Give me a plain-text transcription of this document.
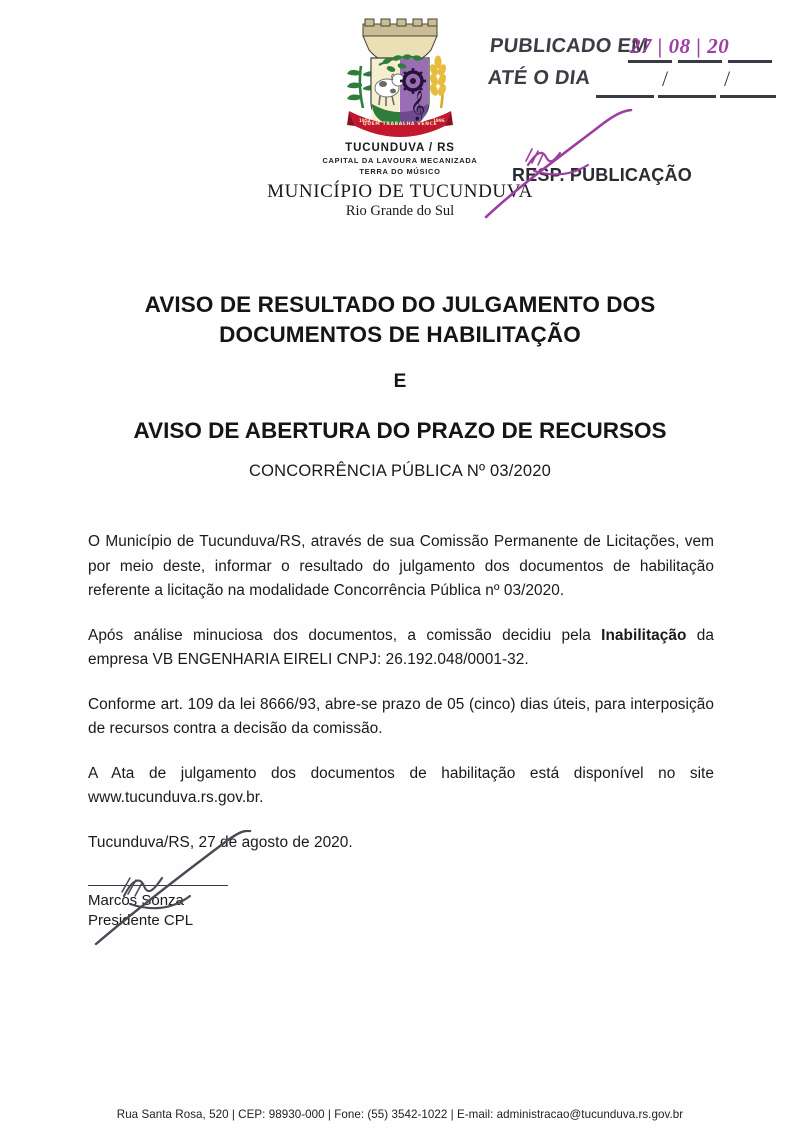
𝄞
QUEM TRABALHA VENCE
1954	1996
TUCUNDUVA / RS
CAPITAL DA LAVOURA MECANIZADA
TERRA DO MÚSICO
MUNICÍPIO DE TUCUNDUVA
Rio Grande do Sul
PUBLICADO EM
ATÉ O DIA
27 | 08 | 20
/	/
RESP. PUBLICAÇÃO
AVISO DE RESULTADO DO JULGAMENTO DOS
DOCUMENTOS DE HABILITAÇÃO
E
AVISO DE ABERTURA DO PRAZO DE RECURSOS
CONCORRÊNCIA PÚBLICA Nº 03/2020

O Município de Tucunduva/RS, através de sua Comissão Permanente de Licitações, vem por meio deste, informar o resultado do julgamento dos documentos de habilitação referente a licitação na modalidade Concorrência Pública nº 03/2020.

Após análise minuciosa dos documentos, a comissão decidiu pela Inabilitação da empresa VB ENGENHARIA EIRELI CNPJ: 26.192.048/0001-32.

Conforme art. 109 da lei 8666/93, abre-se prazo de 05 (cinco) dias úteis, para interposição de recursos contra a decisão da comissão.

A Ata de julgamento dos documentos de habilitação está disponível no site www.tucunduva.rs.gov.br.

Tucunduva/RS, 27 de agosto de 2020.

Marcos Sonza
Presidente CPL
Rua Santa Rosa, 520 | CEP: 98930-000 | Fone: (55) 3542-1022 | E-mail: administracao@tucunduva.rs.gov.br
